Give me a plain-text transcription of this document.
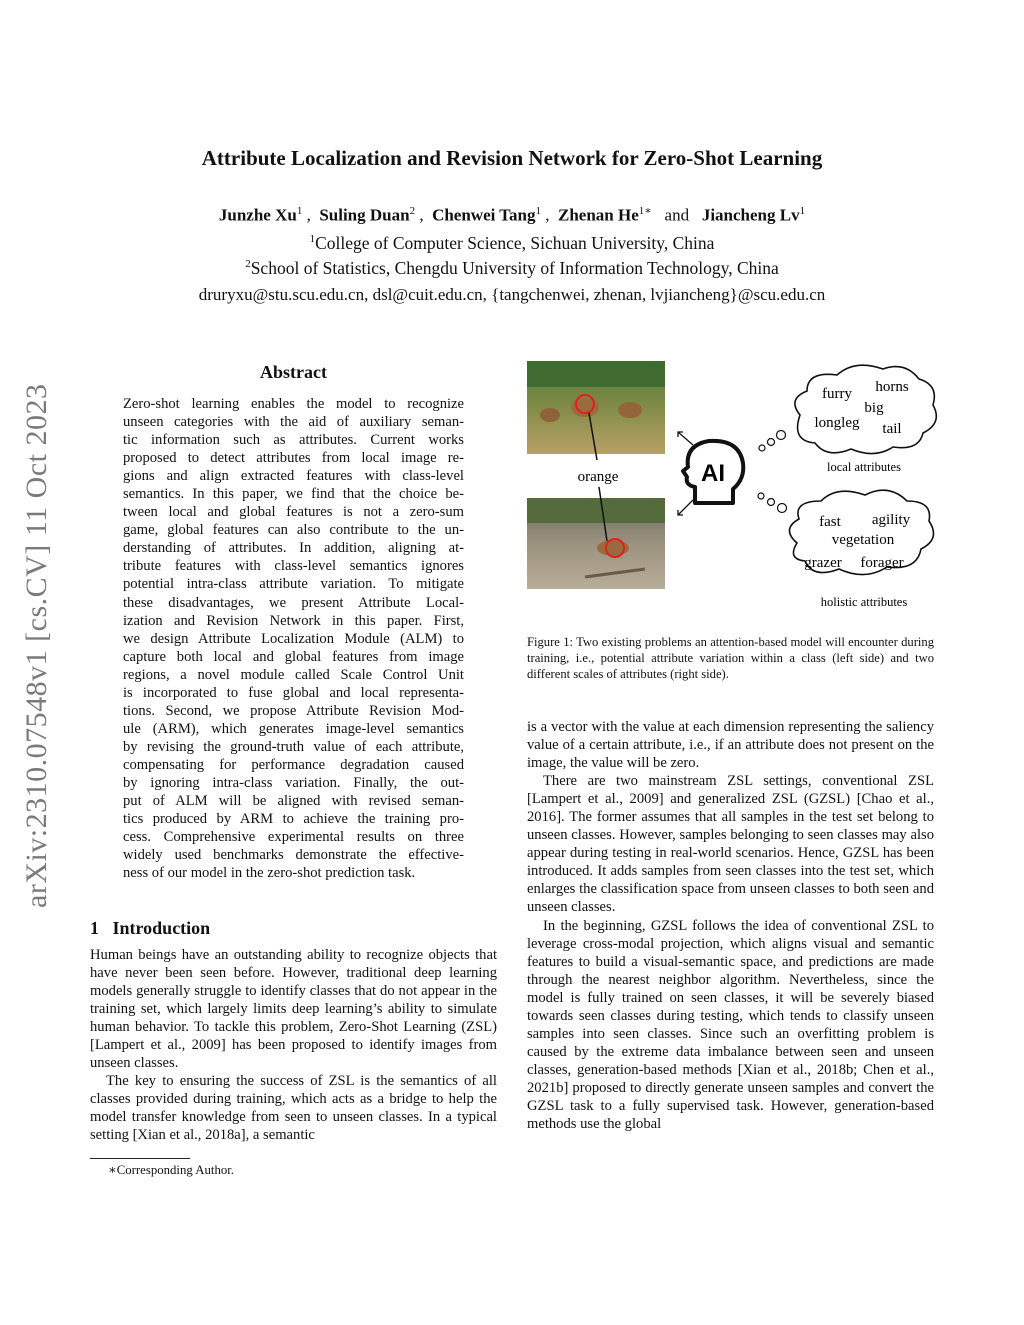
arXiv:2310.07548v1 [cs.CV] 11 Oct 2023
Attribute Localization and Revision Network for Zero-Shot Learning
Junzhe Xu$^1$ ,  Suling Duan$^2$ ,  Chenwei Tang$^1$ ,  Zhenan $He^{1∗}$ and Jiancheng Lv$^1$
$^1$College of Computer Science, Sichuan University, China
$^2$School of Statistics, Chengdu University of Information Technology, China
druryxu@stu.scu.edu.cn, dsl@cuit.edu.cn, {tangchenwei, zhenan, lvjiancheng}@scu.edu.cn
Abstract
Zero-shot learning enables the model to recognize
unseen categories with the aid of auxiliary seman-
tic information such as attributes. Current works
proposed to detect attributes from local image re-
gions and align extracted features with class-level
semantics. In this paper, we find that the choice be-
tween local and global features is not a zero-sum
game, global features can also contribute to the un-
derstanding of attributes. In addition, aligning at-
tribute features with class-level semantics ignores
potential intra-class attribute variation. To mitigate
these disadvantages, we present Attribute Local-
ization and Revision Network in this paper. First,
we design Attribute Localization Module (ALM) to
capture both local and global features from image
regions, a novel module called Scale Control Unit
is incorporated to fuse global and local representa-
tions. Second, we propose Attribute Revision Mod-
ule (ARM), which generates image-level semantics
by revising the ground-truth value of each attribute,
compensating for performance degradation caused
by ignoring intra-class variation. Finally, the out-
put of ALM will be aligned with revised seman-
tics produced by ARM to achieve the training pro-
cess. Comprehensive experimental results on three
widely used benchmarks demonstrate the effective-
ness of our model in the zero-shot prediction task.
1 Introduction

Human beings have an outstanding ability to recognize objects that have never been seen before. However, traditional deep learning models generally struggle to identify classes that do not appear in the training set, which largely limits deep learning’s ability to simulate human behavior. To tackle this problem, Zero-Shot Learning (ZSL) [Lampert et al., 2009] has been proposed to identify images from unseen classes.

The key to ensuring the success of ZSL is the semantics of all classes provided during training, which acts as a bridge to help the model transfer knowledge from seen to unseen classes. In a typical setting [Xian et al., 2018a], a semantic

∗Corresponding Author.
orange	AI
furry horns
big
longleg tail
local attributes
fast agility
vegetation
grazer forager
holistic attributes
Figure 1: Two existing problems an attention-based model will encounter during training, i.e., potential attribute variation within a class (left side) and two different scales of attributes (right side).

is a vector with the value at each dimension representing the saliency value of a certain attribute, i.e., if an attribute does not present on the image, the value will be zero.

There are two mainstream ZSL settings, conventional ZSL [Lampert et al., 2009] and generalized ZSL (GZSL) [Chao et al., 2016]. The former assumes that all samples in the test set belong to unseen classes. However, samples belonging to seen classes may also appear during testing in real-world scenarios. Hence, GZSL has been introduced. It adds samples from seen classes into the test set, which enlarges the classification space from unseen classes to both seen and unseen classes.

In the beginning, GZSL follows the idea of conventional ZSL to leverage cross-modal projection, which aligns visual and semantic features to build a visual-semantic space, and predictions are made through the nearest neighbor algorithm. Nevertheless, since the model is fully trained on seen classes, it will be severely biased towards seen classes during testing, which tends to classify unseen samples into seen classes. Since such an overfitting problem is caused by the extreme data imbalance between seen and unseen classes, generation-based methods [Xian et al., 2018b; Chen et al., 2021b] proposed to directly generate unseen samples and convert the GZSL task to a fully supervised task. However, generation-based methods use the global
